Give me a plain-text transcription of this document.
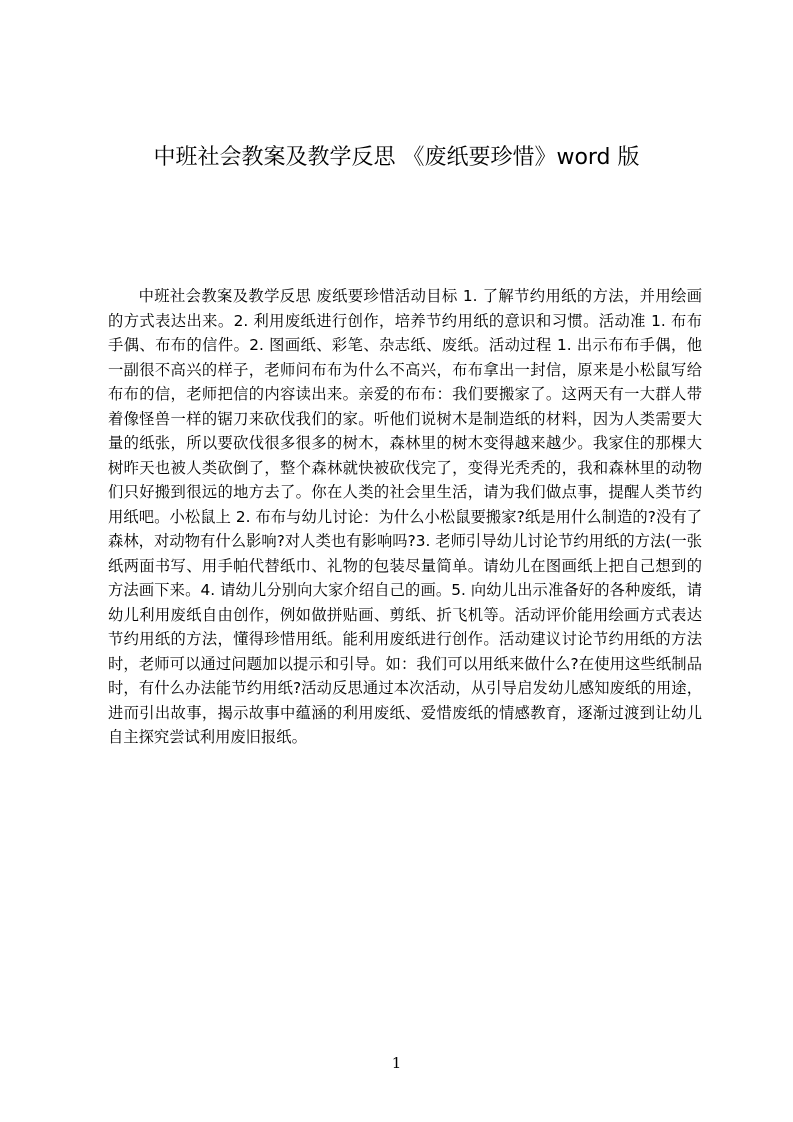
中班社会教案及教学反思 《废纸要珍惜》word 版

中班社会教案及教学反思 废纸要珍惜活动目标 1. 了解节约用纸的方法，并用绘画的方式表达出来。2. 利用废纸进行创作，培养节约用纸的意识和习惯。活动准 1. 布布手偶、布布的信件。2. 图画纸、彩笔、杂志纸、废纸。活动过程 1. 出示布布手偶，他一副很不高兴的样子，老师问布布为什么不高兴，布布拿出一封信，原来是小松鼠写给布布的信，老师把信的内容读出来。亲爱的布布：我们要搬家了。这两天有一大群人带着像怪兽一样的锯刀来砍伐我们的家。听他们说树木是制造纸的材料，因为人类需要大量的纸张，所以要砍伐很多很多的树木，森林里的树木变得越来越少。我家住的那棵大树昨天也被人类砍倒了，整个森林就快被砍伐完了，变得光秃秃的，我和森林里的动物们只好搬到很远的地方去了。你在人类的社会里生活，请为我们做点事，提醒人类节约用纸吧。小松鼠上 2. 布布与幼儿讨论：为什么小松鼠要搬家?纸是用什么制造的?没有了森林，对动物有什么影响?对人类也有影响吗?3. 老师引导幼儿讨论节约用纸的方法(一张纸两面书写、用手帕代替纸巾、礼物的包装尽量简单。请幼儿在图画纸上把自己想到的方法画下来。4. 请幼儿分别向大家介绍自己的画。5. 向幼儿出示准备好的各种废纸，请幼儿利用废纸自由创作，例如做拼贴画、剪纸、折飞机等。活动评价能用绘画方式表达节约用纸的方法，懂得珍惜用纸。能利用废纸进行创作。活动建议讨论节约用纸的方法时，老师可以通过问题加以提示和引导。如：我们可以用纸来做什么?在使用这些纸制品时，有什么办法能节约用纸?活动反思通过本次活动，从引导启发幼儿感知废纸的用途，进而引出故事，揭示故事中蕴涵的利用废纸、爱惜废纸的情感教育，逐渐过渡到让幼儿自主探究尝试利用废旧报纸。

1
